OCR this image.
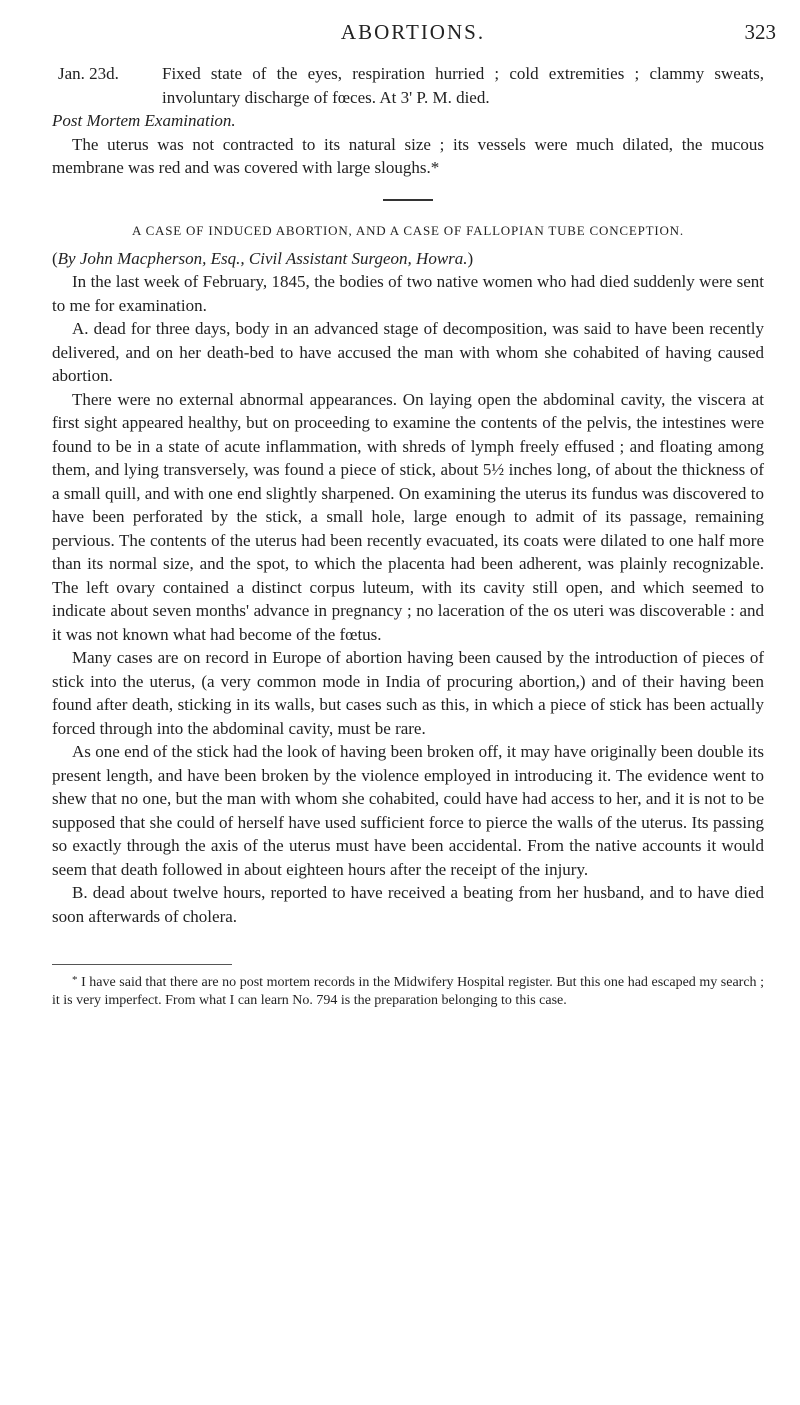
ABORTIONS.	323
Jan. 23d.	Fixed state of the eyes, respiration hurried ; cold extremities ; clammy sweats, involuntary discharge of fœces. At 3' P. M. died.

Post Mortem Examination.

The uterus was not contracted to its natural size ; its vessels were much dilated, the mucous membrane was red and was covered with large sloughs.*

A CASE OF INDUCED ABORTION, AND A CASE OF FALLOPIAN TUBE CONCEPTION.

(By John Macpherson, Esq., Civil Assistant Surgeon, Howra.)

In the last week of February, 1845, the bodies of two native women who had died suddenly were sent to me for examination.

A. dead for three days, body in an advanced stage of decomposition, was said to have been recently delivered, and on her death-bed to have accused the man with whom she cohabited of having caused abortion.

There were no external abnormal appearances. On laying open the abdominal cavity, the viscera at first sight appeared healthy, but on proceeding to examine the contents of the pelvis, the intestines were found to be in a state of acute inflammation, with shreds of lymph freely effused ; and floating among them, and lying transversely, was found a piece of stick, about 5½ inches long, of about the thickness of a small quill, and with one end slightly sharpened. On examining the uterus its fundus was discovered to have been perforated by the stick, a small hole, large enough to admit of its passage, remaining pervious. The contents of the uterus had been recently evacuated, its coats were dilated to one half more than its normal size, and the spot, to which the placenta had been adherent, was plainly recognizable. The left ovary contained a distinct corpus luteum, with its cavity still open, and which seemed to indicate about seven months' advance in pregnancy ; no laceration of the os uteri was discoverable : and it was not known what had become of the fœtus.

Many cases are on record in Europe of abortion having been caused by the introduction of pieces of stick into the uterus, (a very common mode in India of procuring abortion,) and of their having been found after death, sticking in its walls, but cases such as this, in which a piece of stick has been actually forced through into the abdominal cavity, must be rare.

As one end of the stick had the look of having been broken off, it may have originally been double its present length, and have been broken by the violence employed in introducing it. The evidence went to shew that no one, but the man with whom she cohabited, could have had access to her, and it is not to be supposed that she could of herself have used sufficient force to pierce the walls of the uterus. Its passing so exactly through the axis of the uterus must have been accidental. From the native accounts it would seem that death followed in about eighteen hours after the receipt of the injury.

B. dead about twelve hours, reported to have received a beating from her husband, and to have died soon afterwards of cholera.

* I have said that there are no post mortem records in the Midwifery Hospital register. But this one had escaped my search ; it is very imperfect. From what I can learn No. 794 is the preparation belonging to this case.
